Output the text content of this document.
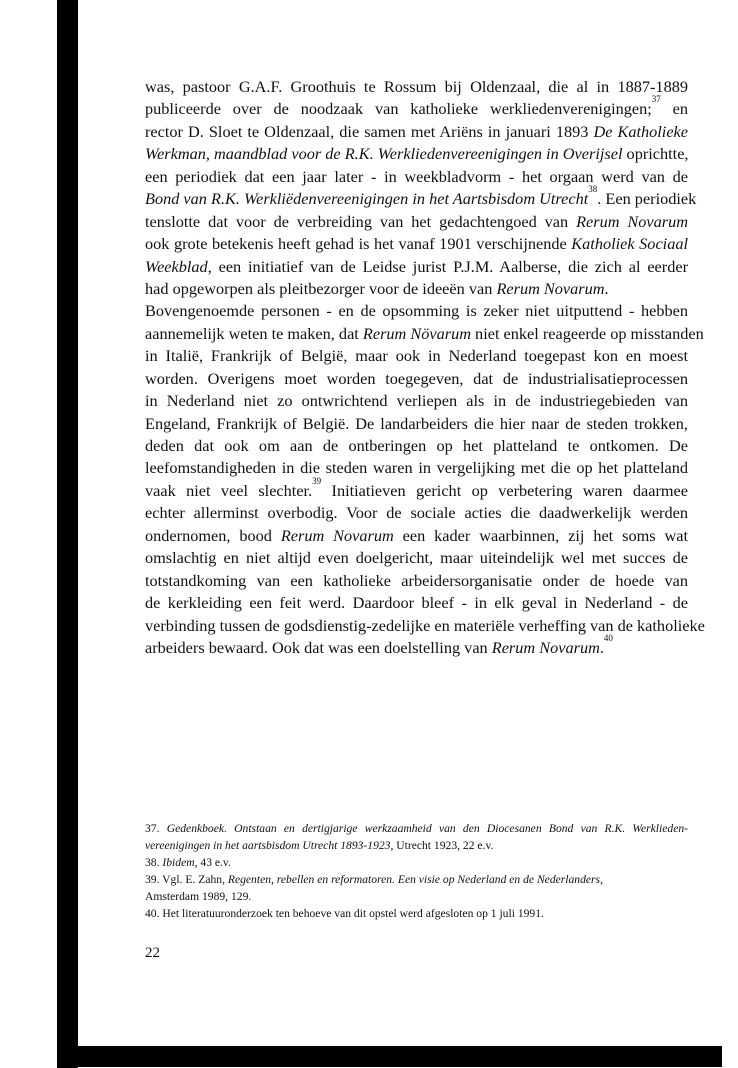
was, pastoor G.A.F. Groothuis te Rossum bij Oldenzaal, die al in 1887-1889
publiceerde over de noodzaak van katholieke werkliedenverenigingen;$^{37}$ en
rector D. Sloet te Oldenzaal, die samen met Ariëns in januari 1893 De Katholieke
Werkman, maandblad voor de R.K. Werkliedenvereenigingen in Overijsel oprichtte,
een periodiek dat een jaar later - in weekbladvorm - het orgaan werd van de
Bond van R.K. Werkliëdenvereenigingen in het Aartsbisdom Utrecht$^{38}$. Een periodiek
tenslotte dat voor de verbreiding van het gedachtengoed van Rerum Novarum
ook grote betekenis heeft gehad is het vanaf 1901 verschijnende Katholiek Sociaal
Weekblad, een initiatief van de Leidse jurist P.J.M. Aalberse, die zich al eerder
had opgeworpen als pleitbezorger voor de ideeën van Rerum Novarum.
Bovengenoemde personen - en de opsomming is zeker niet uitputtend - hebben
aannemelijk weten te maken, dat Rerum Növarum niet enkel reageerde op misstanden
in Italië, Frankrijk of België, maar ook in Nederland toegepast kon en moest
worden. Overigens moet worden toegegeven, dat de industrialisatieprocessen
in Nederland niet zo ontwrichtend verliepen als in de industriegebieden van
Engeland, Frankrijk of België. De landarbeiders die hier naar de steden trokken,
deden dat ook om aan de ontberingen op het platteland te ontkomen. De
leefomstandigheden in die steden waren in vergelijking met die op het platteland
vaak niet veel slechter.$^{39}$ Initiatieven gericht op verbetering waren daarmee
echter allerminst overbodig. Voor de sociale acties die daadwerkelijk werden
ondernomen, bood Rerum Novarum een kader waarbinnen, zij het soms wat
omslachtig en niet altijd even doelgericht, maar uiteindelijk wel met succes de
totstandkoming van een katholieke arbeidersorganisatie onder de hoede van
de kerkleiding een feit werd. Daardoor bleef - in elk geval in Nederland - de
verbinding tussen de godsdienstig-zedelijke en materiële verheffing van de katholieke
arbeiders bewaard. Ook dat was een doelstelling van Rerum Novarum.$^{40}$
37. Gedenkboek. Ontstaan en dertigjarige werkzaamheid van den Diocesanen Bond van R.K. Werklieden-
vereenigingen in het aartsbisdom Utrecht 1893-1923, Utrecht 1923, 22 e.v.
38. Ibidem, 43 e.v.
39. Vgl. E. Zahn, Regenten, rebellen en reformatoren. Een visie op Nederland en de Nederlanders,
Amsterdam 1989, 129.
40. Het literatuuronderzoek ten behoeve van dit opstel werd afgesloten op 1 juli 1991.
22
